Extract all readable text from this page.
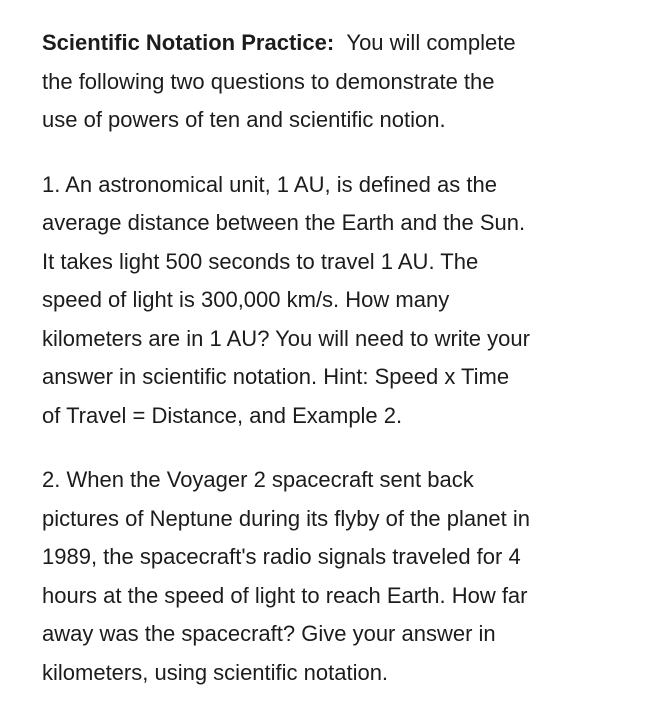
Scientific Notation Practice: You will complete
the following two questions to demonstrate the
use of powers of ten and scientific notion.

1. An astronomical unit, 1 AU, is defined as the
average distance between the Earth and the Sun.
It takes light 500 seconds to travel 1 AU. The
speed of light is 300,000 km/s. How many
kilometers are in 1 AU? You will need to write your
answer in scientific notation. Hint: Speed x Time
of Travel = Distance, and Example 2.

2. When the Voyager 2 spacecraft sent back
pictures of Neptune during its flyby of the planet in
1989, the spacecraft's radio signals traveled for 4
hours at the speed of light to reach Earth. How far
away was the spacecraft? Give your answer in
kilometers, using scientific notation.
